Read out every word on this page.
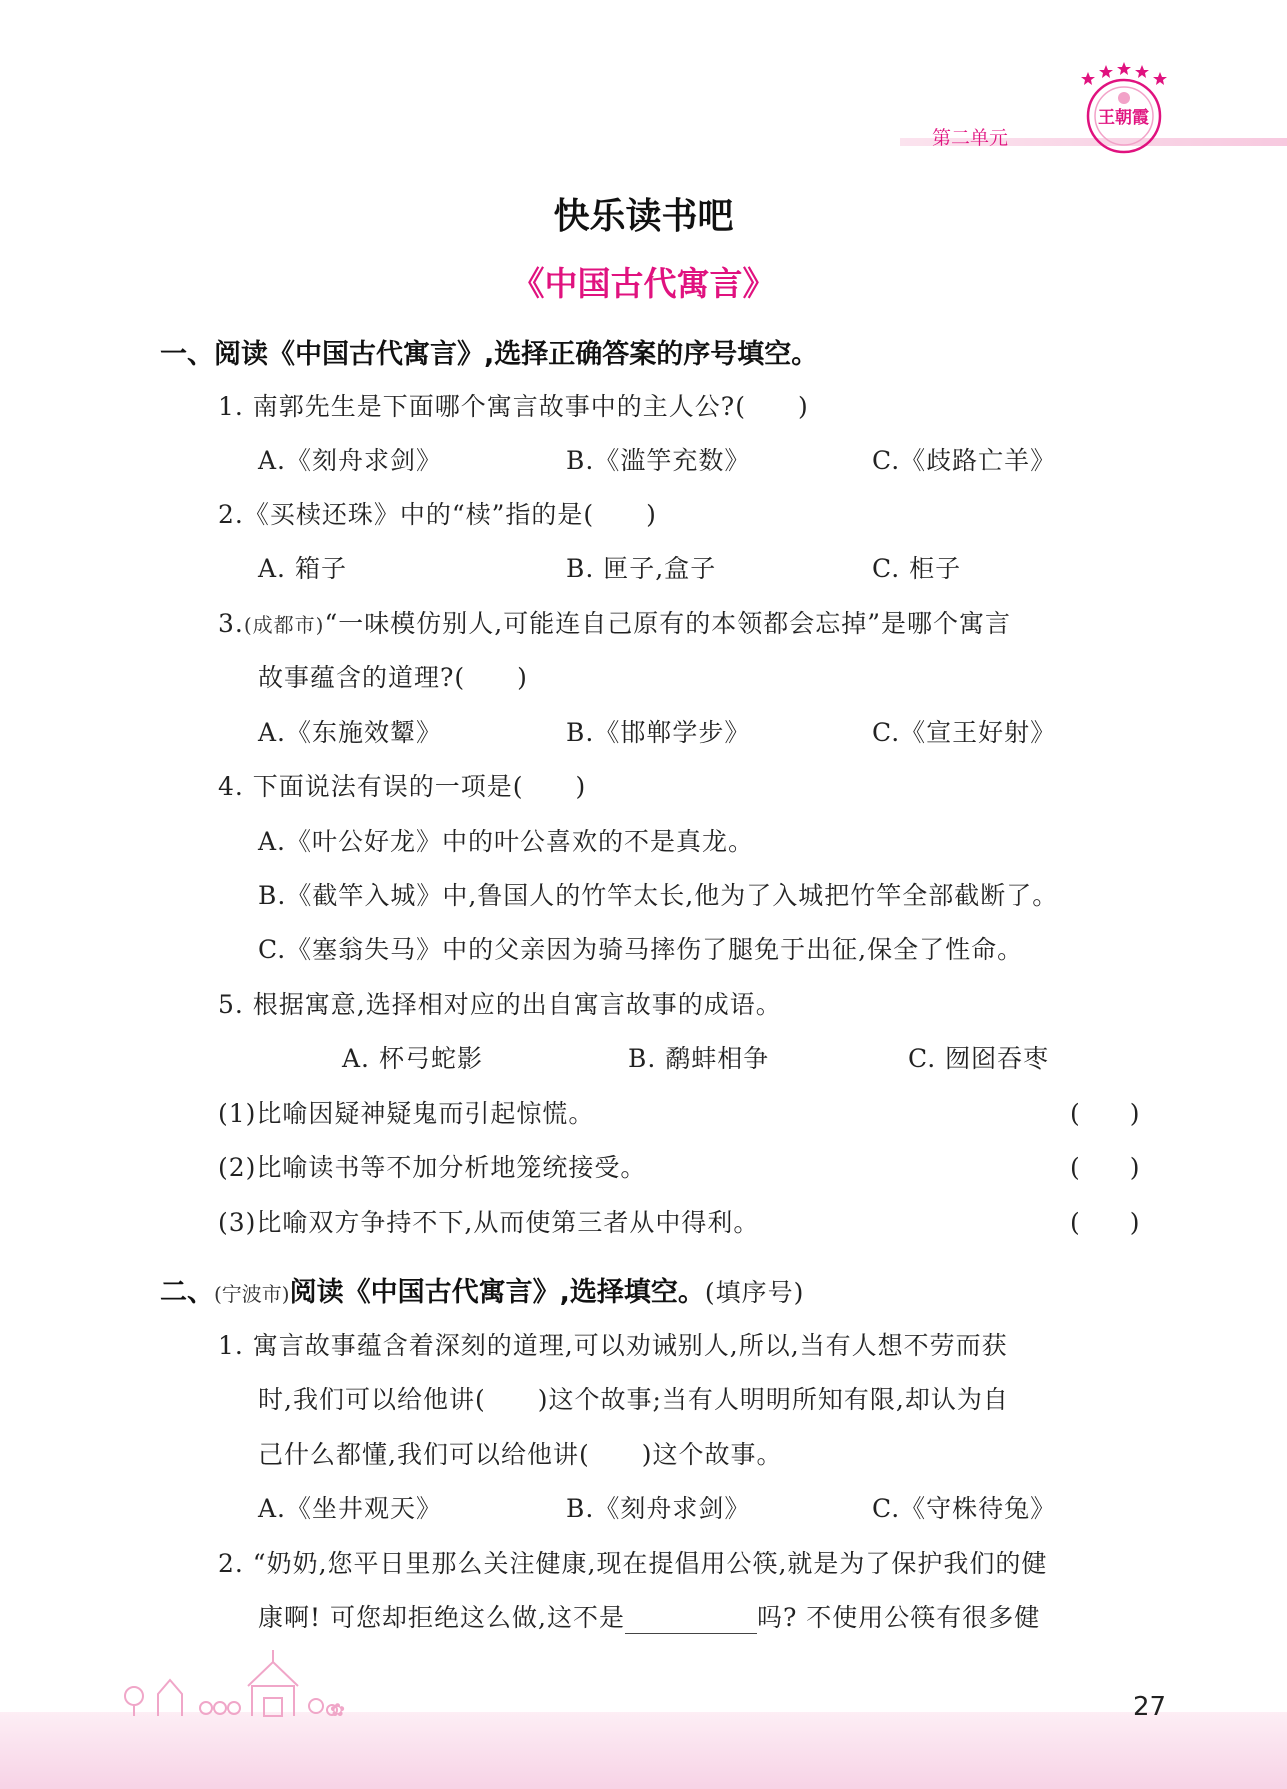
第二单元
王朝霞
快乐读书吧
《中国古代寓言》
一、阅读《中国古代寓言》,选择正确答案的序号填空。
1. 南郭先生是下面哪个寓言故事中的主人公?(　　)
A.《刻舟求剑》	B.《滥竽充数》	C.《歧路亡羊》
2.《买椟还珠》中的“椟”指的是(　　)
A. 箱子	B. 匣子,盒子	C. 柜子
3.(成都市)“一味模仿别人,可能连自己原有的本领都会忘掉”是哪个寓言
故事蕴含的道理?(　　)
A.《东施效颦》	B.《邯郸学步》	C.《宣王好射》
4. 下面说法有误的一项是(　　)
A.《叶公好龙》中的叶公喜欢的不是真龙。
B.《截竿入城》中,鲁国人的竹竿太长,他为了入城把竹竿全部截断了。
C.《塞翁失马》中的父亲因为骑马摔伤了腿免于出征,保全了性命。
5. 根据寓意,选择相对应的出自寓言故事的成语。
A. 杯弓蛇影	B. 鹬蚌相争	C. 囫囵吞枣
(1)比喻因疑神疑鬼而引起惊慌。	(　　)
(2)比喻读书等不加分析地笼统接受。	(　　)
(3)比喻双方争持不下,从而使第三者从中得利。	(　　)
二、(宁波市)阅读《中国古代寓言》,选择填空。(填序号)
1. 寓言故事蕴含着深刻的道理,可以劝诫别人,所以,当有人想不劳而获
时,我们可以给他讲(　　)这个故事;当有人明明所知有限,却认为自
己什么都懂,我们可以给他讲(　　)这个故事。
A.《坐井观天》	B.《刻舟求剑》	C.《守株待兔》
2. “奶奶,您平日里那么关注健康,现在提倡用公筷,就是为了保护我们的健
康啊! 可您却拒绝这么做,这不是	吗? 不使用公筷有很多健
✿	27
